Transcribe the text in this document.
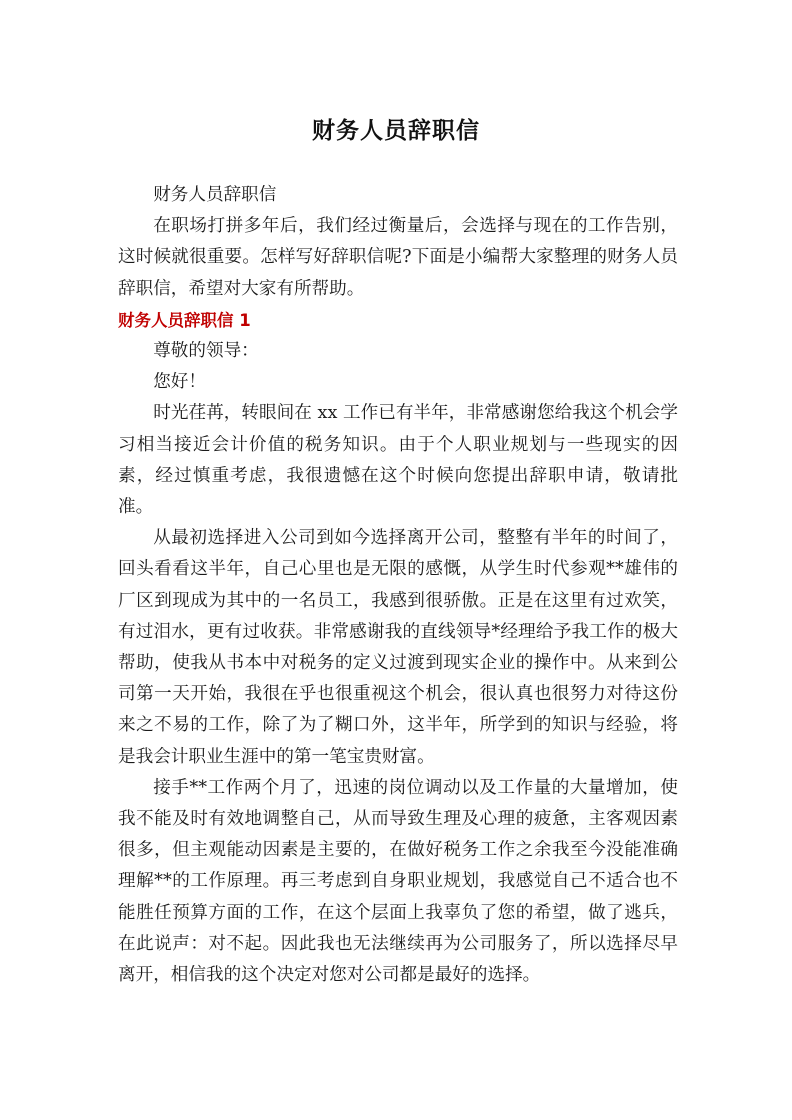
财务人员辞职信

财务人员辞职信

在职场打拼多年后，我们经过衡量后，会选择与现在的工作告别，这时候就很重要。怎样写好辞职信呢?下面是小编帮大家整理的财务人员辞职信，希望对大家有所帮助。

财务人员辞职信 1

尊敬的领导：

您好！

时光荏苒，转眼间在 xx 工作已有半年，非常感谢您给我这个机会学习相当接近会计价值的税务知识。由于个人职业规划与一些现实的因素，经过慎重考虑，我很遗憾在这个时候向您提出辞职申请，敬请批准。

从最初选择进入公司到如今选择离开公司，整整有半年的时间了，回头看看这半年，自己心里也是无限的感慨，从学生时代参观**雄伟的厂区到现成为其中的一名员工，我感到很骄傲。正是在这里有过欢笑，有过泪水，更有过收获。非常感谢我的直线领导*经理给予我工作的极大帮助，使我从书本中对税务的定义过渡到现实企业的操作中。从来到公司第一天开始，我很在乎也很重视这个机会，很认真也很努力对待这份来之不易的工作，除了为了糊口外，这半年，所学到的知识与经验，将是我会计职业生涯中的第一笔宝贵财富。

接手**工作两个月了，迅速的岗位调动以及工作量的大量增加，使我不能及时有效地调整自己，从而导致生理及心理的疲惫，主客观因素很多，但主观能动因素是主要的，在做好税务工作之余我至今没能准确理解**的工作原理。再三考虑到自身职业规划，我感觉自己不适合也不能胜任预算方面的工作，在这个层面上我辜负了您的希望，做了逃兵，在此说声：对不起。因此我也无法继续再为公司服务了，所以选择尽早离开，相信我的这个决定对您对公司都是最好的选择。
